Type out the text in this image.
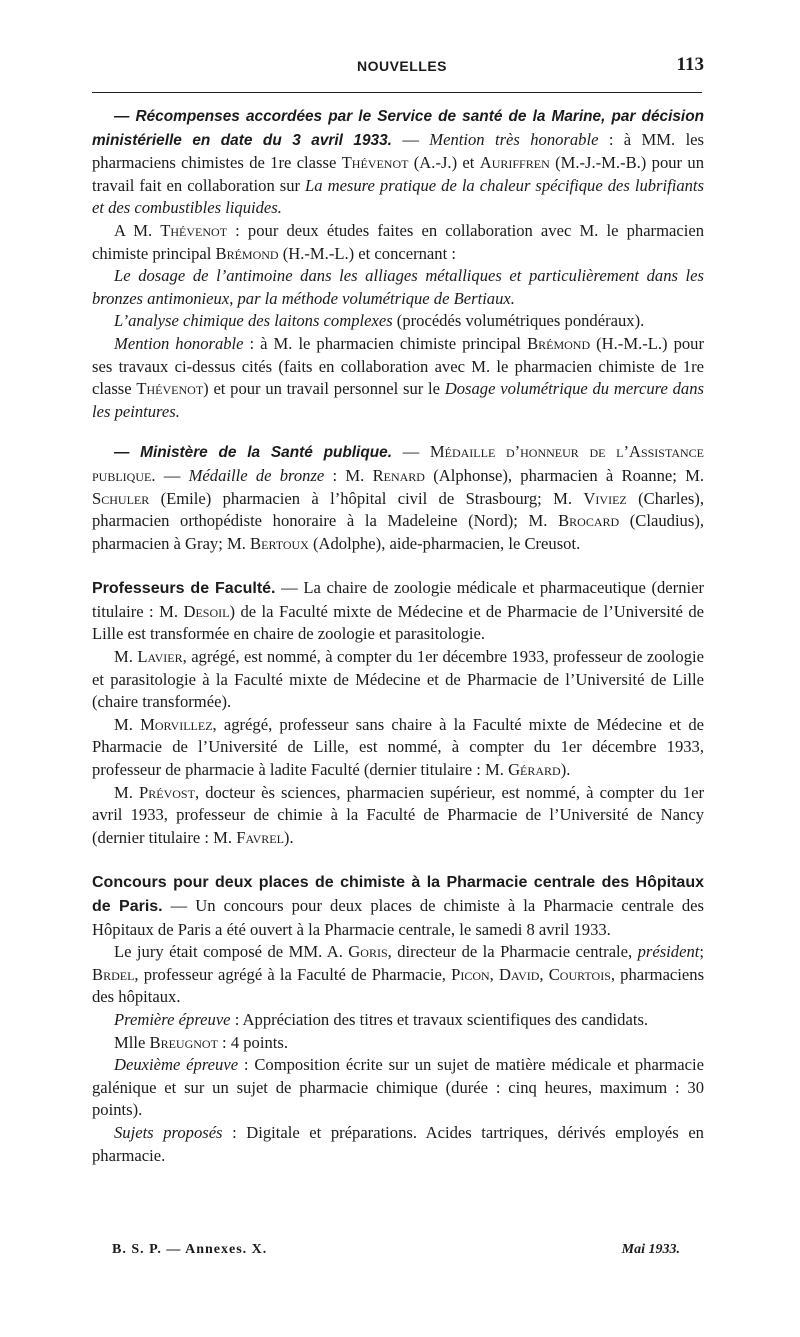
NOUVELLES	113

— Récompenses accordées par le Service de santé de la Marine, par décision ministérielle en date du 3 avril 1933. — Mention très honorable : à MM. les pharmaciens chimistes de 1re classe Thévenot (A.-J.) et Auriffren (M.-J.-M.-B.) pour un travail fait en collaboration sur La mesure pratique de la chaleur spécifique des lubrifiants et des combustibles liquides.

A M. Thévenot : pour deux études faites en collaboration avec M. le pharmacien chimiste principal Brémond (H.-M.-L.) et concernant :

Le dosage de l’antimoine dans les alliages métalliques et particulièrement dans les bronzes antimonieux, par la méthode volumétrique de Bertiaux.

L’analyse chimique des laitons complexes (procédés volumétriques pondéraux).

Mention honorable : à M. le pharmacien chimiste principal Brémond (H.-M.-L.) pour ses travaux ci-dessus cités (faits en collaboration avec M. le pharmacien chimiste de 1re classe Thévenot) et pour un travail personnel sur le Dosage volumétrique du mercure dans les peintures.

— Ministère de la Santé publique. — Médaille d’honneur de l’Assistance publique. — Médaille de bronze : M. Renard (Alphonse), pharmacien à Roanne; M. Schuler (Emile) pharmacien à l’hôpital civil de Strasbourg; M. Viviez (Charles), pharmacien orthopédiste honoraire à la Madeleine (Nord); M. Brocard (Claudius), pharmacien à Gray; M. Bertoux (Adolphe), aide-pharmacien, le Creusot.

Professeurs de Faculté. — La chaire de zoologie médicale et pharmaceutique (dernier titulaire : M. Desoil) de la Faculté mixte de Médecine et de Pharmacie de l’Université de Lille est transformée en chaire de zoologie et parasitologie.

M. Lavier, agrégé, est nommé, à compter du 1er décembre 1933, professeur de zoologie et parasitologie à la Faculté mixte de Médecine et de Pharmacie de l’Université de Lille (chaire transformée).

M. Morvillez, agrégé, professeur sans chaire à la Faculté mixte de Médecine et de Pharmacie de l’Université de Lille, est nommé, à compter du 1er décembre 1933, professeur de pharmacie à ladite Faculté (dernier titulaire : M. Gérard).

M. Prévost, docteur ès sciences, pharmacien supérieur, est nommé, à compter du 1er avril 1933, professeur de chimie à la Faculté de Pharmacie de l’Université de Nancy (dernier titulaire : M. Favrel).

Concours pour deux places de chimiste à la Pharmacie centrale des Hôpitaux de Paris. — Un concours pour deux places de chimiste à la Pharmacie centrale des Hôpitaux de Paris a été ouvert à la Pharmacie centrale, le samedi 8 avril 1933.

Le jury était composé de MM. A. Goris, directeur de la Pharmacie centrale, président; Brdel, professeur agrégé à la Faculté de Pharmacie, Picon, David, Courtois, pharmaciens des hôpitaux.

Première épreuve : Appréciation des titres et travaux scientifiques des candidats.

Mlle Breugnot : 4 points.

Deuxième épreuve : Composition écrite sur un sujet de matière médicale et pharmacie galénique et sur un sujet de pharmacie chimique (durée : cinq heures, maximum : 30 points).

Sujets proposés : Digitale et préparations. Acides tartriques, dérivés employés en pharmacie.

B. S. P. — Annexes. X.	Mai 1933.
